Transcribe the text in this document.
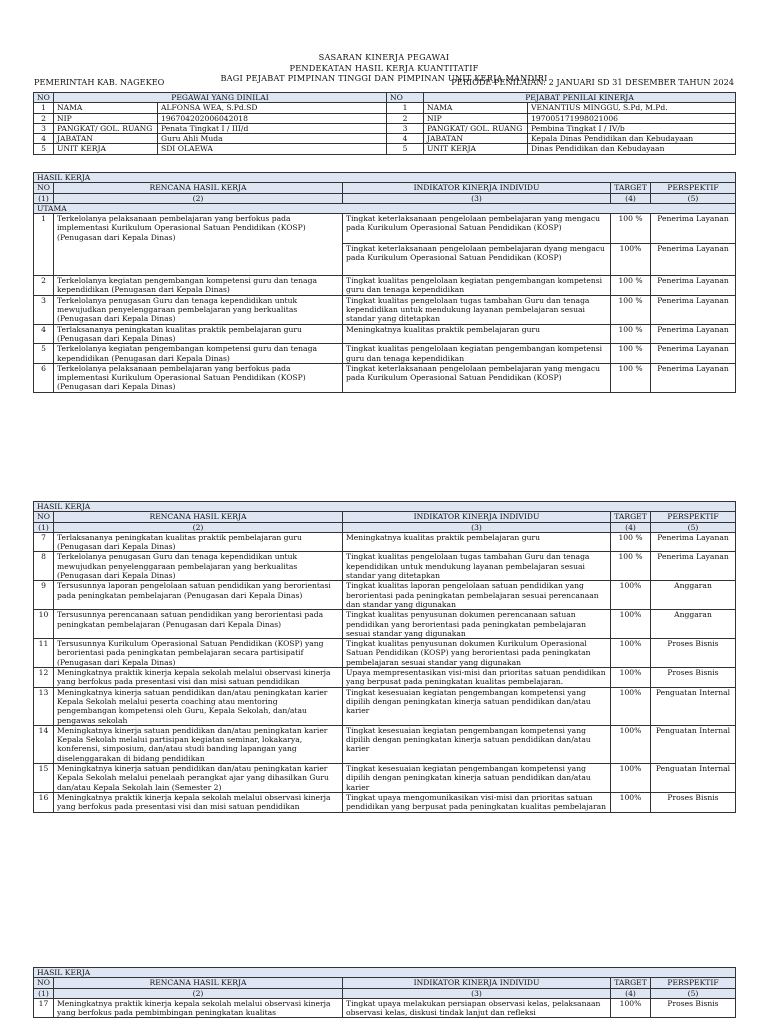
SASARAN KINERJA PEGAWAI
PENDEKATAN HASIL KERJA KUANTITATIF
BAGI PEJABAT PIMPINAN TINGGI DAN PIMPINAN UNIT KERJA MANDIRI
PEMERINTAH KAB. NAGEKEO	PERIODE PENILAIAN: 2 JANUARI SD 31 DESEMBER TAHUN 2024
NO	PEGAWAI YANG DINILAI		NO	PEJABAT PENILAI KINERJA	
1	NAMA	ALFONSA WEA, S.Pd.SD	1	NAMA	VENANTIUS MINGGU, S.Pd, M.Pd.
2	NIP	196704202006042018	2	NIP	197005171998021006
3	PANGKAT/ GOL. RUANG	Penata Tingkat I / III/d	3	PANGKAT/ GOL. RUANG	Pembina Tingkat I / IV/b
4	JABATAN	Guru Ahli Muda	4	JABATAN	Kepala Dinas Pendidikan dan Kebudayaan
5	UNIT KERJA	SDI OLAEWA	5	UNIT KERJA	Dinas Pendidikan dan Kebudayaan
HASIL KERJA				
NO	RENCANA HASIL KERJA	INDIKATOR KINERJA INDIVIDU	TARGET	PERSPEKTIF
(1)	(2)	(3)	(4)	(5)
UTAMA				
1	Terkelolanya pelaksanaan pembelajaran yang berfokus pada implementasi Kurikulum Operasional Satuan Pendidikan (KOSP) (Penugasan dari Kepala Dinas)	Tingkat keterlaksanaan pengelolaan pembelajaran yang mengacu pada Kurikulum Operasional Satuan Pendidikan (KOSP)	100 %	Penerima Layanan
		Tingkat keterlaksanaan pengelolaan pembelajaran dyang mengacu pada Kurikulum Operasional Satuan Pendidikan (KOSP)	100%	Penerima Layanan
2	Terkelolanya kegiatan pengembangan kompetensi guru dan tenaga kependidikan (Penugasan dari Kepala Dinas)	Tingkat kualitas pengelolaan kegiatan pengembangan kompetensi guru dan tenaga kependidikan	100 %	Penerima Layanan
3	Terkelolanya penugasan Guru dan tenaga kependidikan untuk mewujudkan penyelenggaraan pembelajaran yang berkualitas (Penugasan dari Kepala Dinas)	Tingkat kualitas pengelolaan tugas tambahan Guru dan tenaga kependidikan untuk mendukung layanan pembelajaran sesuai standar yang ditetapkan	100 %	Penerima Layanan
4	Terlaksananya peningkatan kualitas praktik pembelajaran guru (Penugasan dari Kepala Dinas)	Meningkatnya kualitas praktik pembelajaran guru	100 %	Penerima Layanan
5	Terkelolanya kegiatan pengembangan kompetensi guru dan tenaga kependidikan (Penugasan dari Kepala Dinas)	Tingkat kualitas pengelolaan kegiatan pengembangan kompetensi guru dan tenaga kependidikan	100 %	Penerima Layanan
6	Terkelolanya pelaksanaan pembelajaran yang berfokus pada implementasi Kurikulum Operasional Satuan Pendidikan (KOSP) (Penugasan dari Kepala Dinas)	Tingkat keterlaksanaan pengelolaan pembelajaran yang mengacu pada Kurikulum Operasional Satuan Pendidikan (KOSP)	100 %	Penerima Layanan
HASIL KERJA				
NO	RENCANA HASIL KERJA	INDIKATOR KINERJA INDIVIDU	TARGET	PERSPEKTIF
(1)	(2)	(3)	(4)	(5)
7	Terlaksananya peningkatan kualitas praktik pembelajaran guru (Penugasan dari Kepala Dinas)	Meningkatnya kualitas praktik pembelajaran guru	100 %	Penerima Layanan
8	Terkelolanya penugasan Guru dan tenaga kependidikan untuk mewujudkan penyelenggaraan pembelajaran yang berkualitas (Penugasan dari Kepala Dinas)	Tingkat kualitas pengelolaan tugas tambahan Guru dan tenaga kependidikan untuk mendukung layanan pembelajaran sesuai standar yang ditetapkan	100 %	Penerima Layanan
9	Tersusunnya laporan pengelolaan satuan pendidikan yang berorientasi pada peningkatan pembelajaran (Penugasan dari Kepala Dinas)	Tingkat kualitas laporan pengelolaan satuan pendidikan yang berorientasi pada peningkatan pembelajaran sesuai perencanaan dan standar yang digunakan	100%	Anggaran
10	Tersusunnya perencanaan satuan pendidikan yang berorientasi pada peningkatan pembelajaran (Penugasan dari Kepala Dinas)	Tingkat kualitas penyusunan dokumen perencanaan satuan pendidikan yang berorientasi pada peningkatan pembelajaran sesuai standar yang digunakan	100%	Anggaran
11	Tersusunnya Kurikulum Operasional Satuan Pendidikan (KOSP) yang berorientasi pada peningkatan pembelajaran secara partisipatif (Penugasan dari Kepala Dinas)	Tingkat kualitas penyusunan dokumen Kurikulum Operasional Satuan Pendidikan (KOSP) yang berorientasi pada peningkatan pembelajaran sesuai standar yang digunakan	100%	Proses Bisnis
12	Meningkatnya praktik kinerja kepala sekolah melalui observasi kinerja yang berfokus pada presentasi visi dan misi satuan pendidikan	Upaya mempresentasikan visi-misi dan prioritas satuan pendidikan yang berpusat pada peningkatan kualitas pembelajaran.	100%	Proses Bisnis
13	Meningkatnya kinerja satuan pendidikan dan/atau peningkatan karier Kepala Sekolah melalui peserta coaching atau mentoring pengembangan kompetensi oleh Guru, Kepala Sekolah, dan/atau pengawas sekolah	Tingkat kesesuaian kegiatan pengembangan kompetensi yang dipilih dengan peningkatan kinerja satuan pendidikan dan/atau karier	100%	Penguatan Internal
14	Meningkatnya kinerja satuan pendidikan dan/atau peningkatan karier Kepala Sekolah melalui partisipan kegiatan seminar, lokakarya, konferensi, simposium, dan/atau studi banding lapangan yang diselenggarakan di bidang pendidikan	Tingkat kesesuaian kegiatan pengembangan kompetensi yang dipilih dengan peningkatan kinerja satuan pendidikan dan/atau karier	100%	Penguatan Internal
15	Meningkatnya kinerja satuan pendidikan dan/atau peningkatan karier Kepala Sekolah melalui penelaah perangkat ajar yang dihasilkan Guru dan/atau Kepala Sekolah lain (Semester 2)	Tingkat kesesuaian kegiatan pengembangan kompetensi yang dipilih dengan peningkatan kinerja satuan pendidikan dan/atau karier	100%	Penguatan Internal
16	Meningkatnya praktik kinerja kepala sekolah melalui observasi kinerja yang berfokus pada presentasi visi dan misi satuan pendidikan	Tingkat upaya mengomunikasikan visi-misi dan prioritas satuan pendidikan yang berpusat pada peningkatan kualitas pembelajaran	100%	Proses Bisnis
HASIL KERJA				
NO	RENCANA HASIL KERJA	INDIKATOR KINERJA INDIVIDU	TARGET	PERSPEKTIF
(1)	(2)	(3)	(4)	(5)
17	Meningkatnya praktik kinerja kepala sekolah melalui observasi kinerja yang berfokus pada pembimbingan peningkatan kualitas	Tingkat upaya melakukan persiapan observasi kelas, pelaksanaan observasi kelas, diskusi tindak lanjut dan refleksi	100%	Proses Bisnis
